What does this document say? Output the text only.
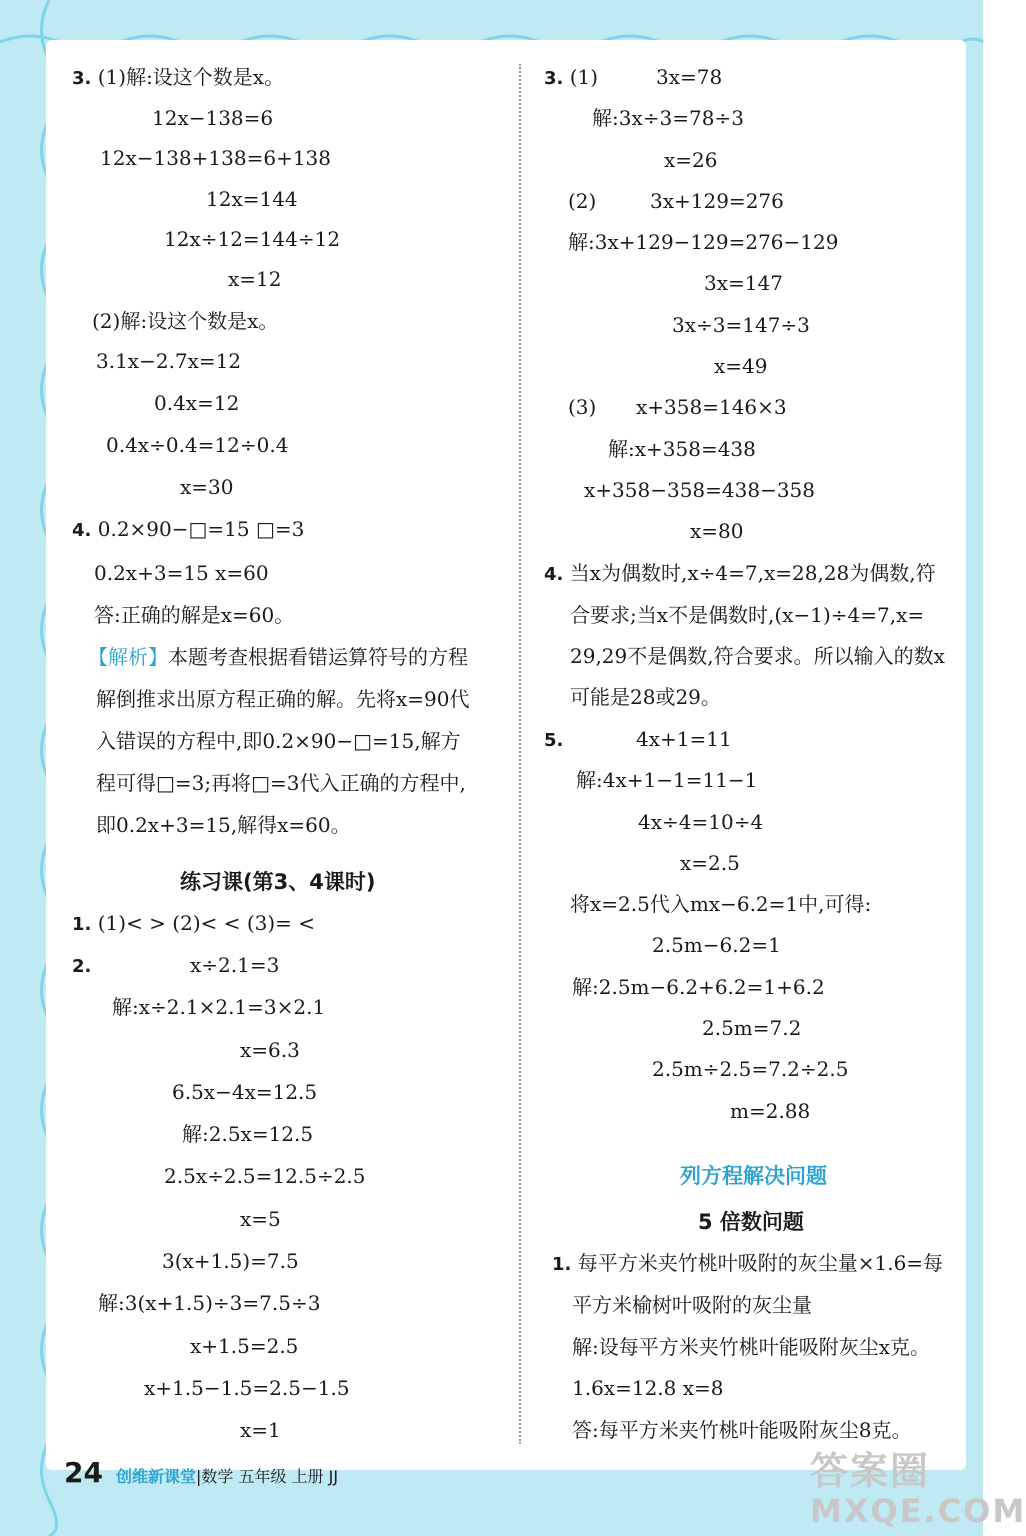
3. (1)解:设这个数是x。
12x−138=6
12x−138+138=6+138
12x=144
12x÷12=144÷12
x=12
(2)解:设这个数是x。
3.1x−2.7x=12
0.4x=12
0.4x÷0.4=12÷0.4
x=30
4. 0.2×90−□=15 □=3
0.2x+3=15 x=60
答:正确的解是x=60。
【解析】本题考查根据看错运算符号的方程
解倒推求出原方程正确的解。先将x=90代
入错误的方程中,即0.2×90−□=15,解方
程可得□=3;再将□=3代入正确的方程中,
即0.2x+3=15,解得x=60。
练习课(第3、4课时)
1. (1)< > (2)< < (3)= <
2.	x÷2.1=3
解:x÷2.1×2.1=3×2.1
x=6.3
6.5x−4x=12.5
解:2.5x=12.5
2.5x÷2.5=12.5÷2.5
x=5
3(x+1.5)=7.5
解:3(x+1.5)÷3=7.5÷3
x+1.5=2.5
x+1.5−1.5=2.5−1.5
x=1
3. (1)	3x=78
解:3x÷3=78÷3
x=26
(2)	3x+129=276
解:3x+129−129=276−129
3x=147
3x÷3=147÷3
x=49
(3) x+358=146×3
解:x+358=438
x+358−358=438−358
x=80
4. 当x为偶数时,x÷4=7,x=28,28为偶数,符
合要求;当x不是偶数时,(x−1)÷4=7,x=
29,29不是偶数,符合要求。所以输入的数x
可能是28或29。
5.	4x+1=11
解:4x+1−1=11−1
4x÷4=10÷4
x=2.5
将x=2.5代入mx−6.2=1中,可得:
2.5m−6.2=1
解:2.5m−6.2+6.2=1+6.2
2.5m=7.2
2.5m÷2.5=7.2÷2.5
m=2.88
列方程解决问题
5 倍数问题
1. 每平方米夹竹桃叶吸附的灰尘量×1.6=每
平方米榆树叶吸附的灰尘量
解:设每平方米夹竹桃叶能吸附灰尘x克。
1.6x=12.8 x=8
答:每平方米夹竹桃叶能吸附灰尘8克。
24 创维新课堂|数学 五年级 上册 JJ	答案圈
MXQE.COM
